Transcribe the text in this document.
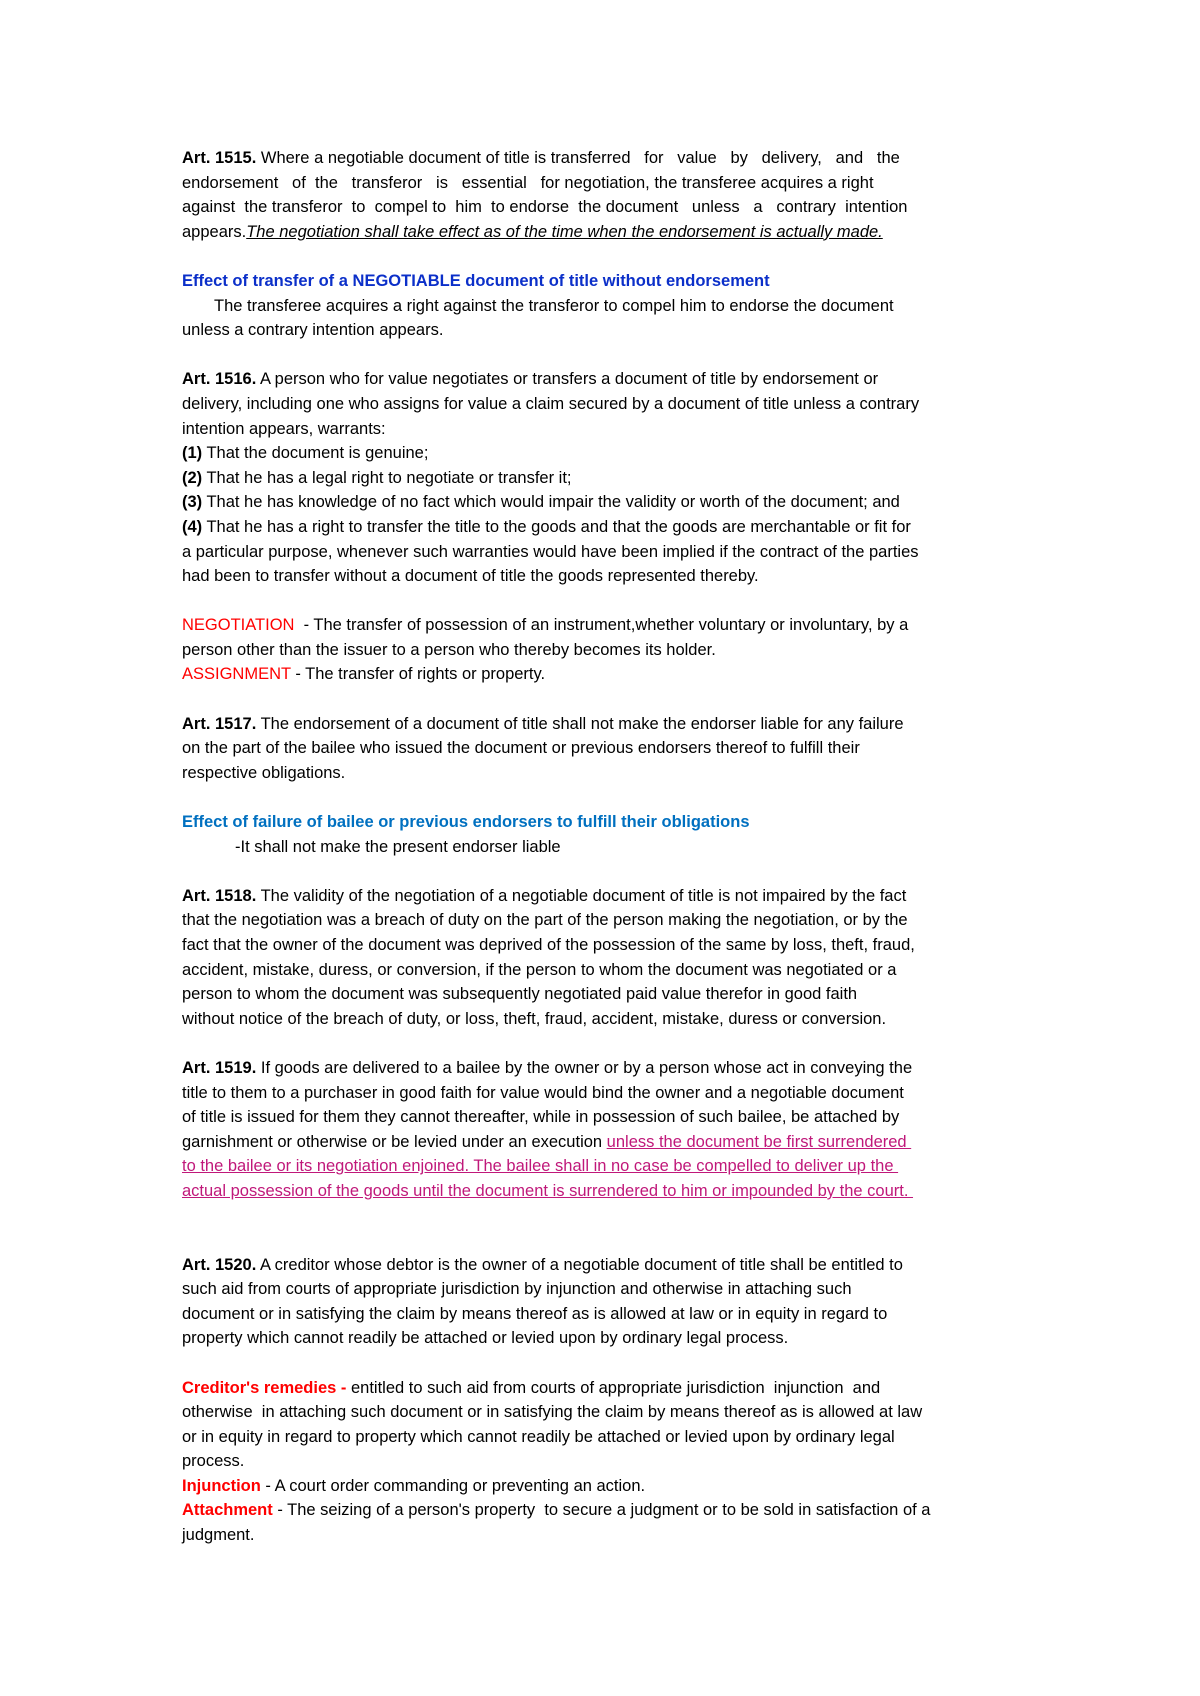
Art. 1515. Where a negotiable document of title is transferred   for   value   by   delivery,   and   the

endorsement   of  the   transferor   is   essential   for negotiation, the transferee acquires a right

against  the transferor  to  compel to  him  to endorse  the document   unless   a   contrary  intention

appears.The negotiation shall take effect as of the time when the endorsement is actually made.

Effect of transfer of a NEGOTIABLE document of title without endorsement

The transferee acquires a right against the transferor to compel him to endorse the document

unless a contrary intention appears.

Art. 1516. A person who for value negotiates or transfers a document of title by endorsement or

delivery, including one who assigns for value a claim secured by a document of title unless a contrary

intention appears, warrants:

(1) That the document is genuine;

(2) That he has a legal right to negotiate or transfer it;

(3) That he has knowledge of no fact which would impair the validity or worth of the document; and

(4) That he has a right to transfer the title to the goods and that the goods are merchantable or fit for

a particular purpose, whenever such warranties would have been implied if the contract of the parties

had been to transfer without a document of title the goods represented thereby.

NEGOTIATION  - The transfer of possession of an instrument,whether voluntary or involuntary, by a

person other than the issuer to a person who thereby becomes its holder.

ASSIGNMENT - The transfer of rights or property.

Art. 1517. The endorsement of a document of title shall not make the endorser liable for any failure

on the part of the bailee who issued the document or previous endorsers thereof to fulfill their

respective obligations.

Effect of failure of bailee or previous endorsers to fulfill their obligations

-It shall not make the present endorser liable

Art. 1518. The validity of the negotiation of a negotiable document of title is not impaired by the fact

that the negotiation was a breach of duty on the part of the person making the negotiation, or by the

fact that the owner of the document was deprived of the possession of the same by loss, theft, fraud,

accident, mistake, duress, or conversion, if the person to whom the document was negotiated or a

person to whom the document was subsequently negotiated paid value therefor in good faith

without notice of the breach of duty, or loss, theft, fraud, accident, mistake, duress or conversion.

Art. 1519. If goods are delivered to a bailee by the owner or by a person whose act in conveying the

title to them to a purchaser in good faith for value would bind the owner and a negotiable document

of title is issued for them they cannot thereafter, while in possession of such bailee, be attached by

garnishment or otherwise or be levied under an execution unless the document be first surrendered

to the bailee or its negotiation enjoined. The bailee shall in no case be compelled to deliver up the

actual possession of the goods until the document is surrendered to him or impounded by the court.

Art. 1520. A creditor whose debtor is the owner of a negotiable document of title shall be entitled to

such aid from courts of appropriate jurisdiction by injunction and otherwise in attaching such

document or in satisfying the claim by means thereof as is allowed at law or in equity in regard to

property which cannot readily be attached or levied upon by ordinary legal process.

Creditor's remedies - entitled to such aid from courts of appropriate jurisdiction  injunction  and

otherwise  in attaching such document or in satisfying the claim by means thereof as is allowed at law

or in equity in regard to property which cannot readily be attached or levied upon by ordinary legal

process.

Injunction - A court order commanding or preventing an action.

Attachment - The seizing of a person's property  to secure a judgment or to be sold in satisfaction of a

judgment.
